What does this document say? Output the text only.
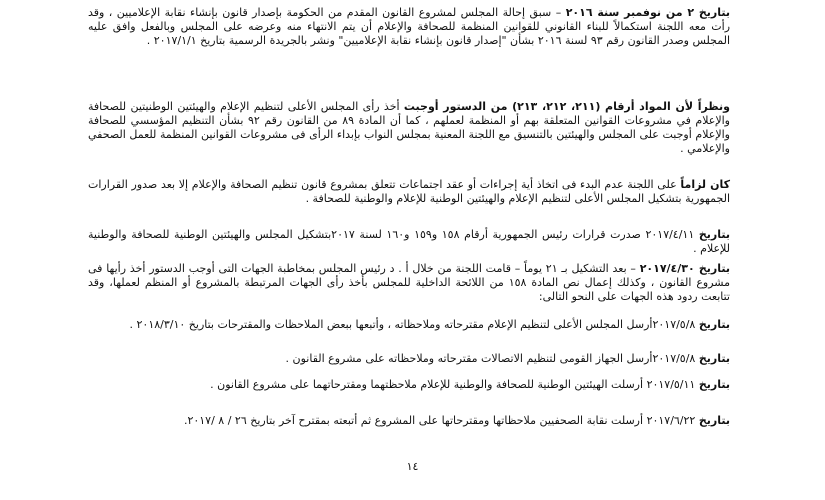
بتاريخ ٢ من نوفمبر سنة ٢٠١٦ – سبق إحالة المجلس لمشروع القانون المقدم من الحكومة بإصدار قانون بإنشاء نقابة الإعلاميين ، وقد رأت معه اللجنة استكمالاً للبناء القانوني للقوانين المنظمة للصحافة والإعلام أن يتم الانتهاء منه وعرضه على المجلس وبالفعل وافق عليه المجلس وصدر القانون رقم ٩٣ لسنة ٢٠١٦ بشأن "إصدار قانون بإنشاء نقابة الإعلاميين" ونشر بالجريدة الرسمية بتاريخ ٢٠١٧/١/١ .
ونظراً لأن المواد أرقام (٢١١، ٢١٢، ٢١٣) من الدستور أوجبت أخذ رأى المجلس الأعلى لتنظيم الإعلام والهيئتين الوطنيتين للصحافة والإعلام في مشروعات القوانين المتعلقة بهم أو المنظمة لعملهم ، كما أن المادة ٨٩ من القانون رقم ٩٢ بشأن التنظيم المؤسسي للصحافة والإعلام أوجبت على المجلس والهيئتين بالتنسيق مع اللجنة المعنية بمجلس النواب بإبداء الرأى فى مشروعات القوانين المنظمة للعمل الصحفي والإعلامي .
كان لزاماً على اللجنة عدم البدء فى اتخاذ أية إجراءات أو عقد اجتماعات تتعلق بمشروع قانون تنظيم الصحافة والإعلام إلا بعد صدور القرارات الجمهورية بتشكيل المجلس الأعلى لتنظيم الإعلام والهيئتين الوطنية للإعلام والوطنية للصحافة .
بتاريخ ٢٠١٧/٤/١١ صدرت قرارات رئيس الجمهورية أرقام ١٥٨ و١٥٩ و١٦٠ لسنة ٢٠١٧بتشكيل المجلس والهيئتين الوطنية للصحافة والوطنية للإعلام .
بتاريخ ٢٠١٧/٤/٣٠ – بعد التشكيل بـ ٢١ يوماً – قامت اللجنة من خلال أ . د رئيس المجلس بمخاطبة الجهات التى أوجب الدستور أخذ رأيها فى مشروع القانون ، وكذلك إعمال نص المادة ١٥٨ من اللائحة الداخلية للمجلس بأخذ رأى الجهات المرتبطة بالمشروع أو المنظم لعملها، وقد تتابعت ردود هذه الجهات على النحو التالى:
بتاريخ ٢٠١٧/٥/٨أرسل المجلس الأعلى لتنظيم الإعلام مقترحاته وملاحظاته ، وأتبعها ببعض الملاحظات والمقترحات بتاريخ ٢٠١٨/٣/١٠ .
بتاريخ ٢٠١٧/٥/٨أرسل الجهاز القومى لتنظيم الاتصالات مقترحاته وملاحظاته على مشروع القانون .
بتاريخ ٢٠١٧/٥/١١ أرسلت الهيئتين الوطنية للصحافة والوطنية للإعلام ملاحظتهما ومقترحاتهما على مشروع القانون .
بتاريخ ٢٠١٧/٦/٢٢ أرسلت نقابة الصحفيين ملاحظاتها ومقترحاتها على المشروع ثم أتبعته بمقترح آخر بتاريخ ٢٦ / ٨ /٢٠١٧.
١٤
